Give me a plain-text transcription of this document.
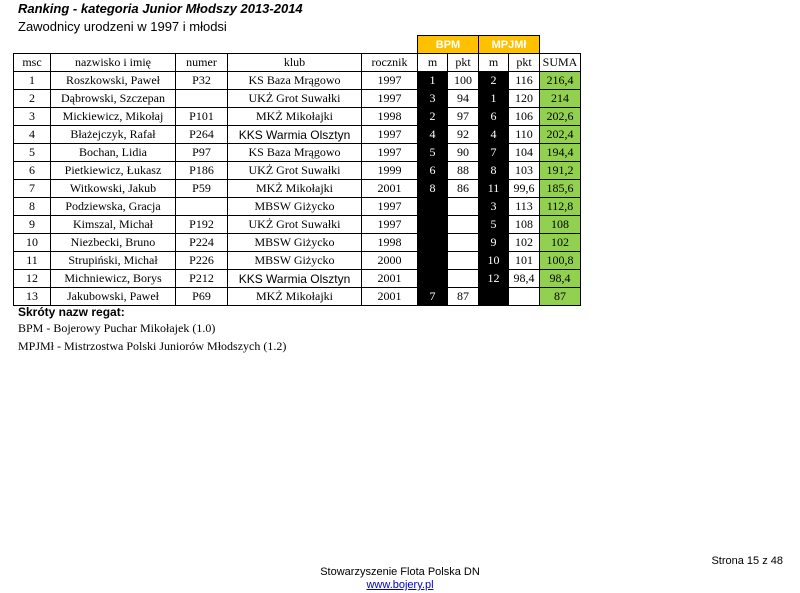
Ranking - kategoria Junior Młodszy 2013-2014
Zawodnicy urodzeni w 1997 i młodsi
					BPM		MPJMł		
msc	nazwisko i imię	numer	klub	rocznik	m	pkt	m	pkt	SUMA
1	Roszkowski, Paweł	P32	KS Baza Mrągowo	1997	1	100	2	116	216,4
2	Dąbrowski, Szczepan		UKŻ Grot Suwałki	1997	3	94	1	120	214
3	Mickiewicz, Mikołaj	P101	MKŻ Mikołajki	1998	2	97	6	106	202,6
4	Błażejczyk, Rafał	P264	KKS Warmia Olsztyn	1997	4	92	4	110	202,4
5	Bochan, Lidia	P97	KS Baza Mrągowo	1997	5	90	7	104	194,4
6	Pietkiewicz, Łukasz	P186	UKŻ Grot Suwałki	1999	6	88	8	103	191,2
7	Witkowski, Jakub	P59	MKŻ Mikołajki	2001	8	86	11	99,6	185,6
8	Podziewska, Gracja		MBSW Giżycko	1997			3	113	112,8
9	Kimszal, Michał	P192	UKŻ Grot Suwałki	1997			5	108	108
10	Niezbecki, Bruno	P224	MBSW Giżycko	1998			9	102	102
11	Strupiński, Michał	P226	MBSW Giżycko	2000			10	101	100,8
12	Michniewicz, Borys	P212	KKS Warmia Olsztyn	2001			12	98,4	98,4
13	Jakubowski, Paweł	P69	MKŻ Mikołajki	2001	7	87			87
Skróty nazw regat:
BPM - Bojerowy Puchar Mikołajek (1.0)
MPJMł - Mistrzostwa Polski Juniorów Młodszych (1.2)
Strona 15 z 48
Stowarzyszenie Flota Polska DN
www.bojery.pl
